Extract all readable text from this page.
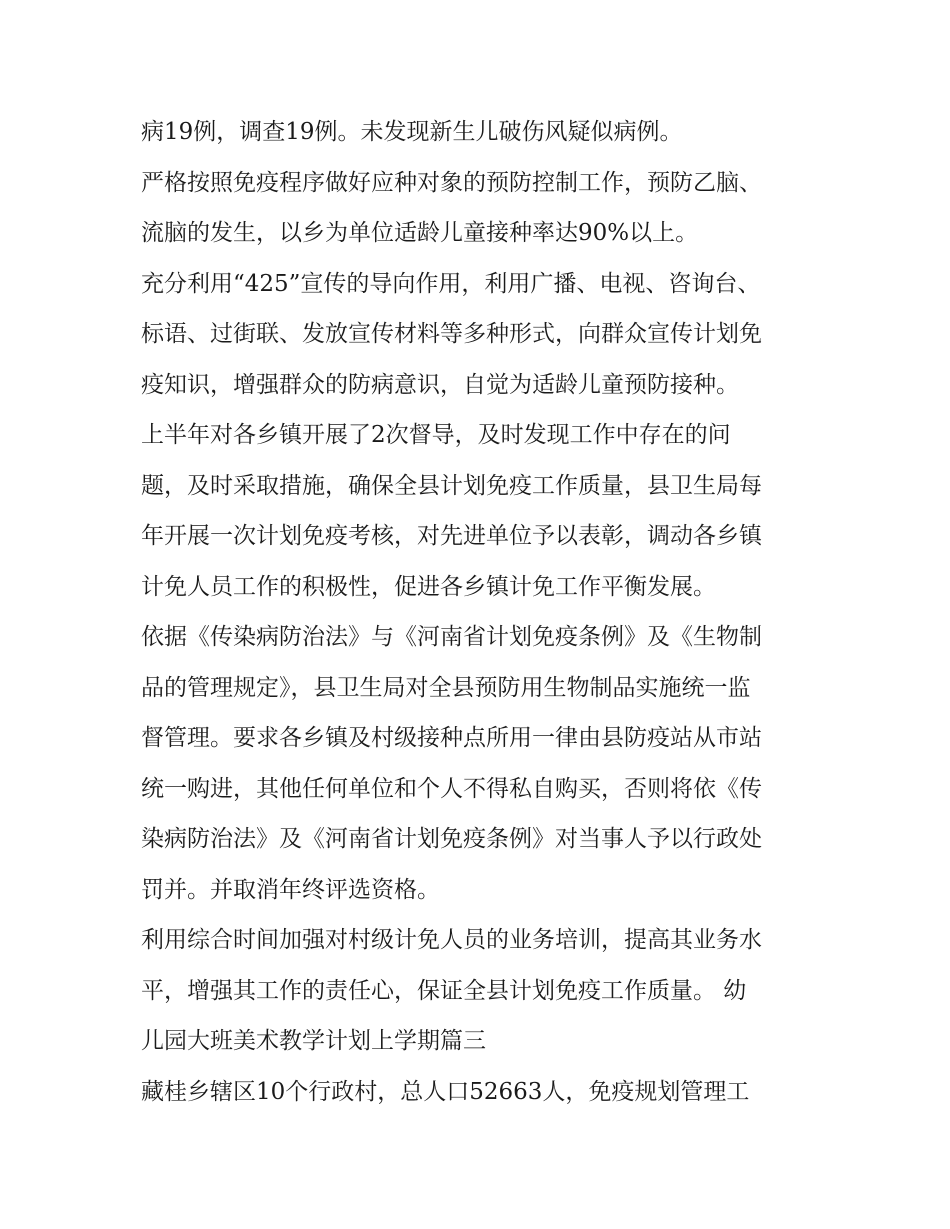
病19例，调查19例。未发现新生儿破伤风疑似病例。
严格按照免疫程序做好应种对象的预防控制工作，预防乙脑、
流脑的发生，以乡为单位适龄儿童接种率达90%以上。
充分利用“425”宣传的导向作用，利用广播、电视、咨询台、
标语、过街联、发放宣传材料等多种形式，向群众宣传计划免
疫知识，增强群众的防病意识，自觉为适龄儿童预防接种。
上半年对各乡镇开展了2次督导，及时发现工作中存在的问
题，及时采取措施，确保全县计划免疫工作质量，县卫生局每
年开展一次计划免疫考核，对先进单位予以表彰，调动各乡镇
计免人员工作的积极性，促进各乡镇计免工作平衡发展。
依据《传染病防治法》与《河南省计划免疫条例》及《生物制
品的管理规定》，县卫生局对全县预防用生物制品实施统一监
督管理。要求各乡镇及村级接种点所用一律由县防疫站从市站
统一购进，其他任何单位和个人不得私自购买，否则将依《传
染病防治法》及《河南省计划免疫条例》对当事人予以行政处
罚并。并取消年终评选资格。
利用综合时间加强对村级计免人员的业务培训，提高其业务水
平，增强其工作的责任心，保证全县计划免疫工作质量。 幼
儿园大班美术教学计划上学期篇三
藏桂乡辖区10个行政村，总人口52663人，免疫规划管理工
